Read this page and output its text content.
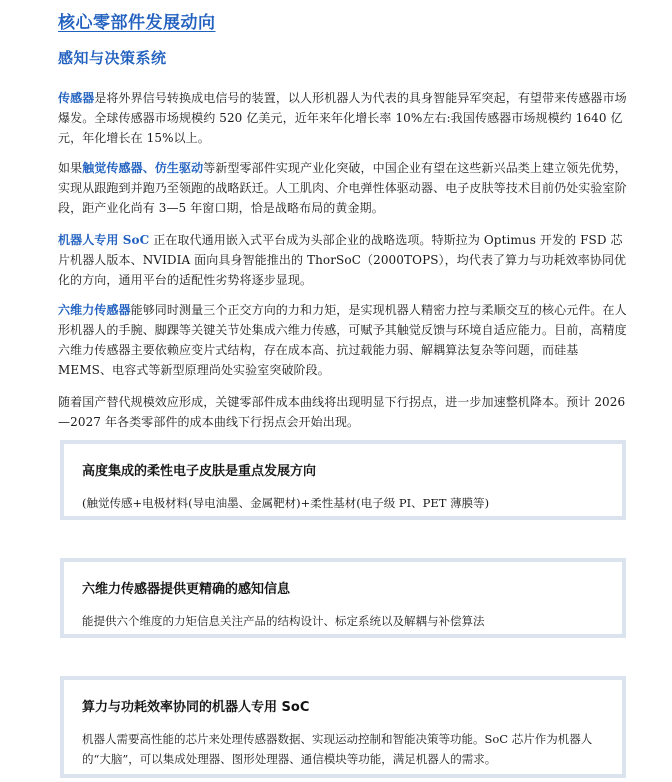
核心零部件发展动向
感知与决策系统

传感器是将外界信号转换成电信号的装置，以人形机器人为代表的具身智能异军突起，有望带来传感器市场爆发。全球传感器市场规模约 520 亿美元，近年来年化增长率 10%左右:我国传感器市场规模约 1640 亿元，年化增长在 15%以上。

如果触觉传感器、仿生驱动等新型零部件实现产业化突破，中国企业有望在这些新兴品类上建立领先优势，实现从跟跑到并跑乃至领跑的战略跃迁。人工肌肉、介电弹性体驱动器、电子皮肤等技术目前仍处实验室阶段，距产业化尚有 3—5 年窗口期，恰是战略布局的黄金期。

机器人专用 SoC 正在取代通用嵌入式平台成为头部企业的战略选项。特斯拉为 Optimus 开发的 FSD 芯片机器人版本、NVIDIA 面向具身智能推出的 ThorSoC（2000TOPS），均代表了算力与功耗效率协同优化的方向，通用平台的适配性劣势将逐步显现。

六维力传感器能够同时测量三个正交方向的力和力矩，是实现机器人精密力控与柔顺交互的核心元件。在人形机器人的手腕、脚踝等关键关节处集成六维力传感，可赋予其触觉反馈与环境自适应能力。目前，高精度六维力传感器主要依赖应变片式结构，存在成本高、抗过载能力弱、解耦算法复杂等问题，而硅基 MEMS、电容式等新型原理尚处实验室突破阶段。

随着国产替代规模效应形成，关键零部件成本曲线将出现明显下行拐点，进一步加速整机降本。预计 2026—2027 年各类零部件的成本曲线下行拐点会开始出现。

高度集成的柔性电子皮肤是重点发展方向

(触觉传感+电极材料(导电油墨、金属靶材)+柔性基材(电子级 PI、PET 薄膜等)

六维力传感器提供更精确的感知信息

能提供六个维度的力矩信息关注产品的结构设计、标定系统以及解耦与补偿算法

算力与功耗效率协同的机器人专用 SoC

机器人需要高性能的芯片来处理传感器数据、实现运动控制和智能决策等功能。SoC 芯片作为机器人的“大脑”，可以集成处理器、图形处理器、通信模块等功能，满足机器人的需求。
